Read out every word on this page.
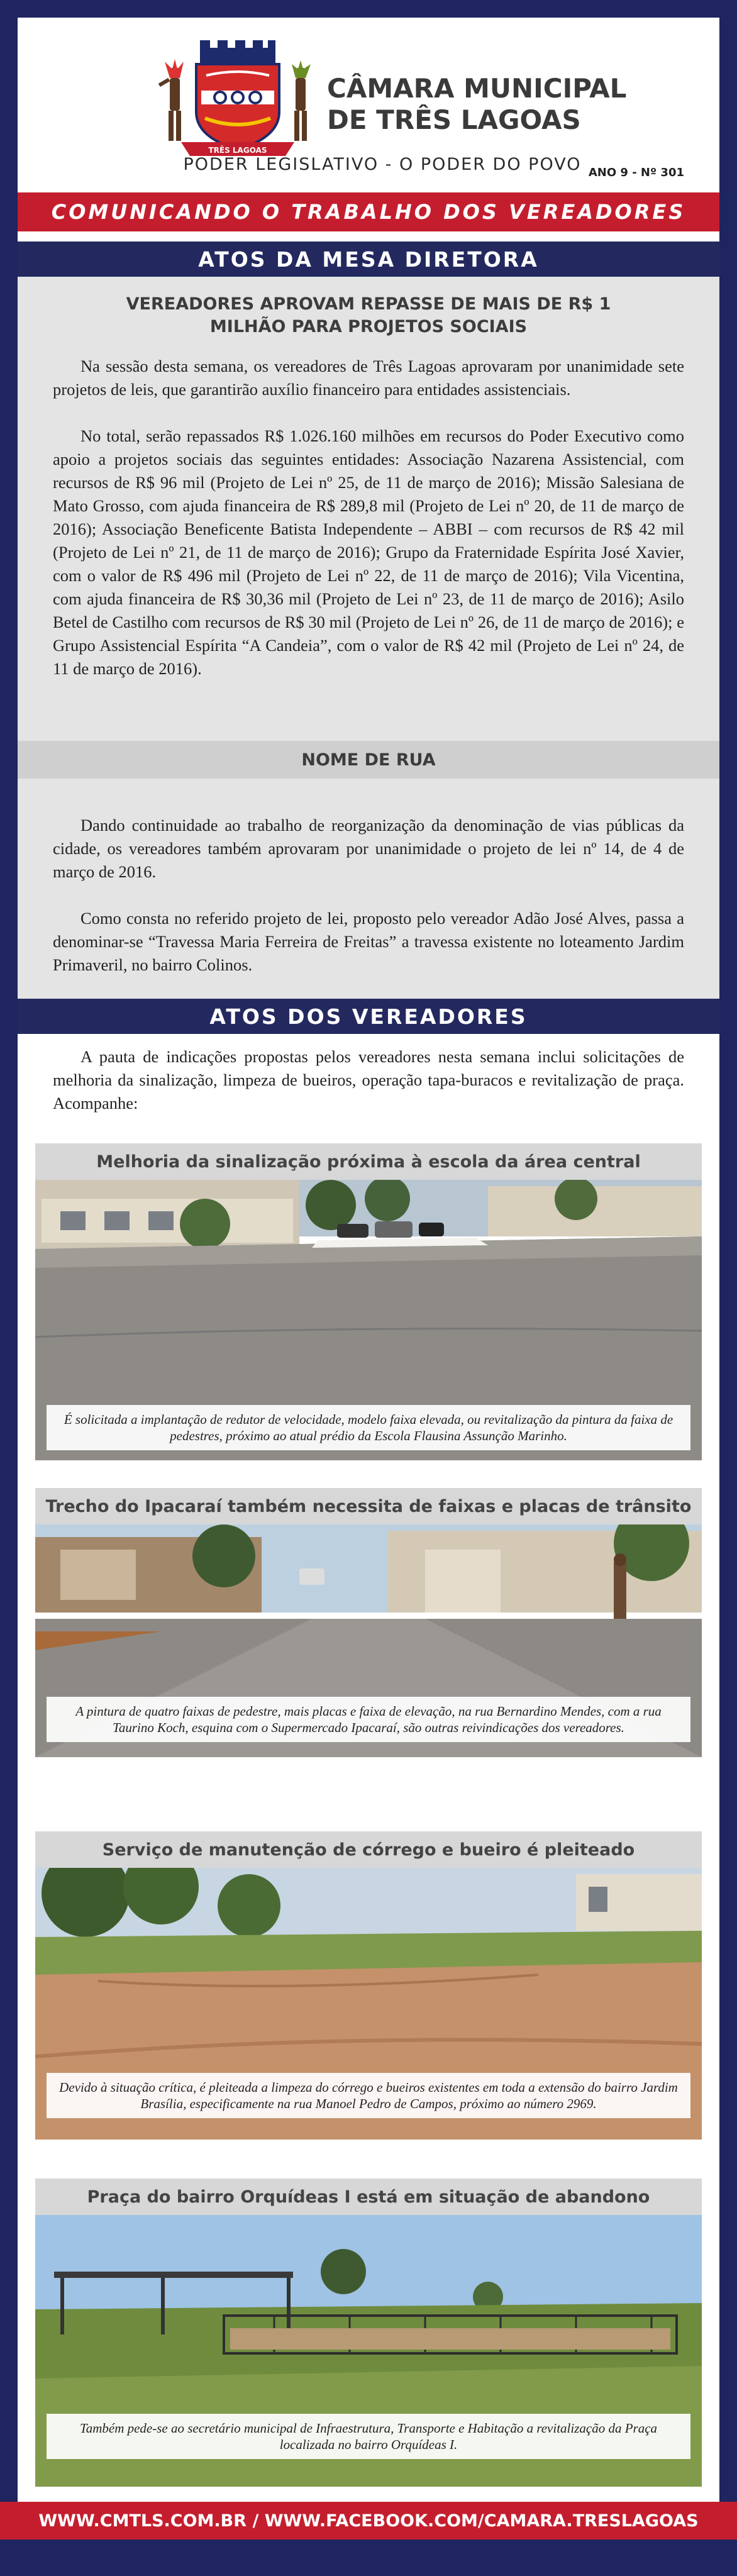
TRÊS LAGOAS
CÂMARA MUNICIPAL
DE TRÊS LAGOAS
PODER LEGISLATIVO - O PODER DO POVO ANO 9 - Nº 301
COMUNICANDO O TRABALHO DOS VEREADORES
ATOS DA MESA DIRETORA
VEREADORES APROVAM REPASSE DE MAIS DE R$ 1 MILHÃO PARA PROJETOS SOCIAIS

Na sessão desta semana, os vereadores de Três Lagoas aprovaram por unanimidade sete projetos de leis, que garantirão auxílio financeiro para entidades assistenciais.

No total, serão repassados R$ 1.026.160 milhões em recursos do Poder Executivo como apoio a projetos sociais das seguintes entidades: Associação Nazarena Assistencial, com recursos de R$ 96 mil (Projeto de Lei nº 25, de 11 de março de 2016); Missão Salesiana de Mato Grosso, com ajuda financeira de R$ 289,8 mil (Projeto de Lei nº 20, de 11 de março de 2016); Associação Beneficente Batista Independente – ABBI – com recursos de R$ 42 mil (Projeto de Lei nº 21, de 11 de março de 2016); Grupo da Fraternidade Espírita José Xavier, com o valor de R$ 496 mil (Projeto de Lei nº 22, de 11 de março de 2016); Vila Vicentina, com ajuda financeira de R$ 30,36 mil (Projeto de Lei nº 23, de 11 de março de 2016); Asilo Betel de Castilho com recursos de R$ 30 mil (Projeto de Lei nº 26, de 11 de março de 2016); e Grupo Assistencial Espírita “A Candeia”, com o valor de R$ 42 mil (Projeto de Lei nº 24, de 11 de março de 2016).

NOME DE RUA

Dando continuidade ao trabalho de reorganização da denominação de vias públicas da cidade, os vereadores também aprovaram por unanimidade o projeto de lei nº 14, de 4 de março de 2016.

Como consta no referido projeto de lei, proposto pelo vereador Adão José Alves, passa a denominar-se “Travessa Maria Ferreira de Freitas” a travessa existente no loteamento Jardim Primaveril, no bairro Colinos.

ATOS DOS VEREADORES

A pauta de indicações propostas pelos vereadores nesta semana inclui solicitações de melhoria da sinalização, limpeza de bueiros, operação tapa-buracos e revitalização de praça. Acompanhe:

Melhoria da sinalização próxima à escola da área central
É solicitada a implantação de redutor de velocidade, modelo faixa elevada, ou revitalização da pintura da faixa de pedestres, próximo ao atual prédio da Escola Flausina Assunção Marinho.
Trecho do Ipacaraí também necessita de faixas e placas de trânsito
A pintura de quatro faixas de pedestre, mais placas e faixa de elevação, na rua Bernardino Mendes, com a rua Taurino Koch, esquina com o Supermercado Ipacaraí, são outras reivindicações dos vereadores.
Serviço de manutenção de córrego e bueiro é pleiteado
Devido à situação crítica, é pleiteada a limpeza do córrego e bueiros existentes em toda a extensão do bairro Jardim Brasília, especificamente na rua Manoel Pedro de Campos, próximo ao número 2969.
Praça do bairro Orquídeas I está em situação de abandono
Também pede-se ao secretário municipal de Infraestrutura, Transporte e Habitação a revitalização da Praça localizada no bairro Orquídeas I.
WWW.CMTLS.COM.BR / WWW.FACEBOOK.COM/CAMARA.TRESLAGOAS
